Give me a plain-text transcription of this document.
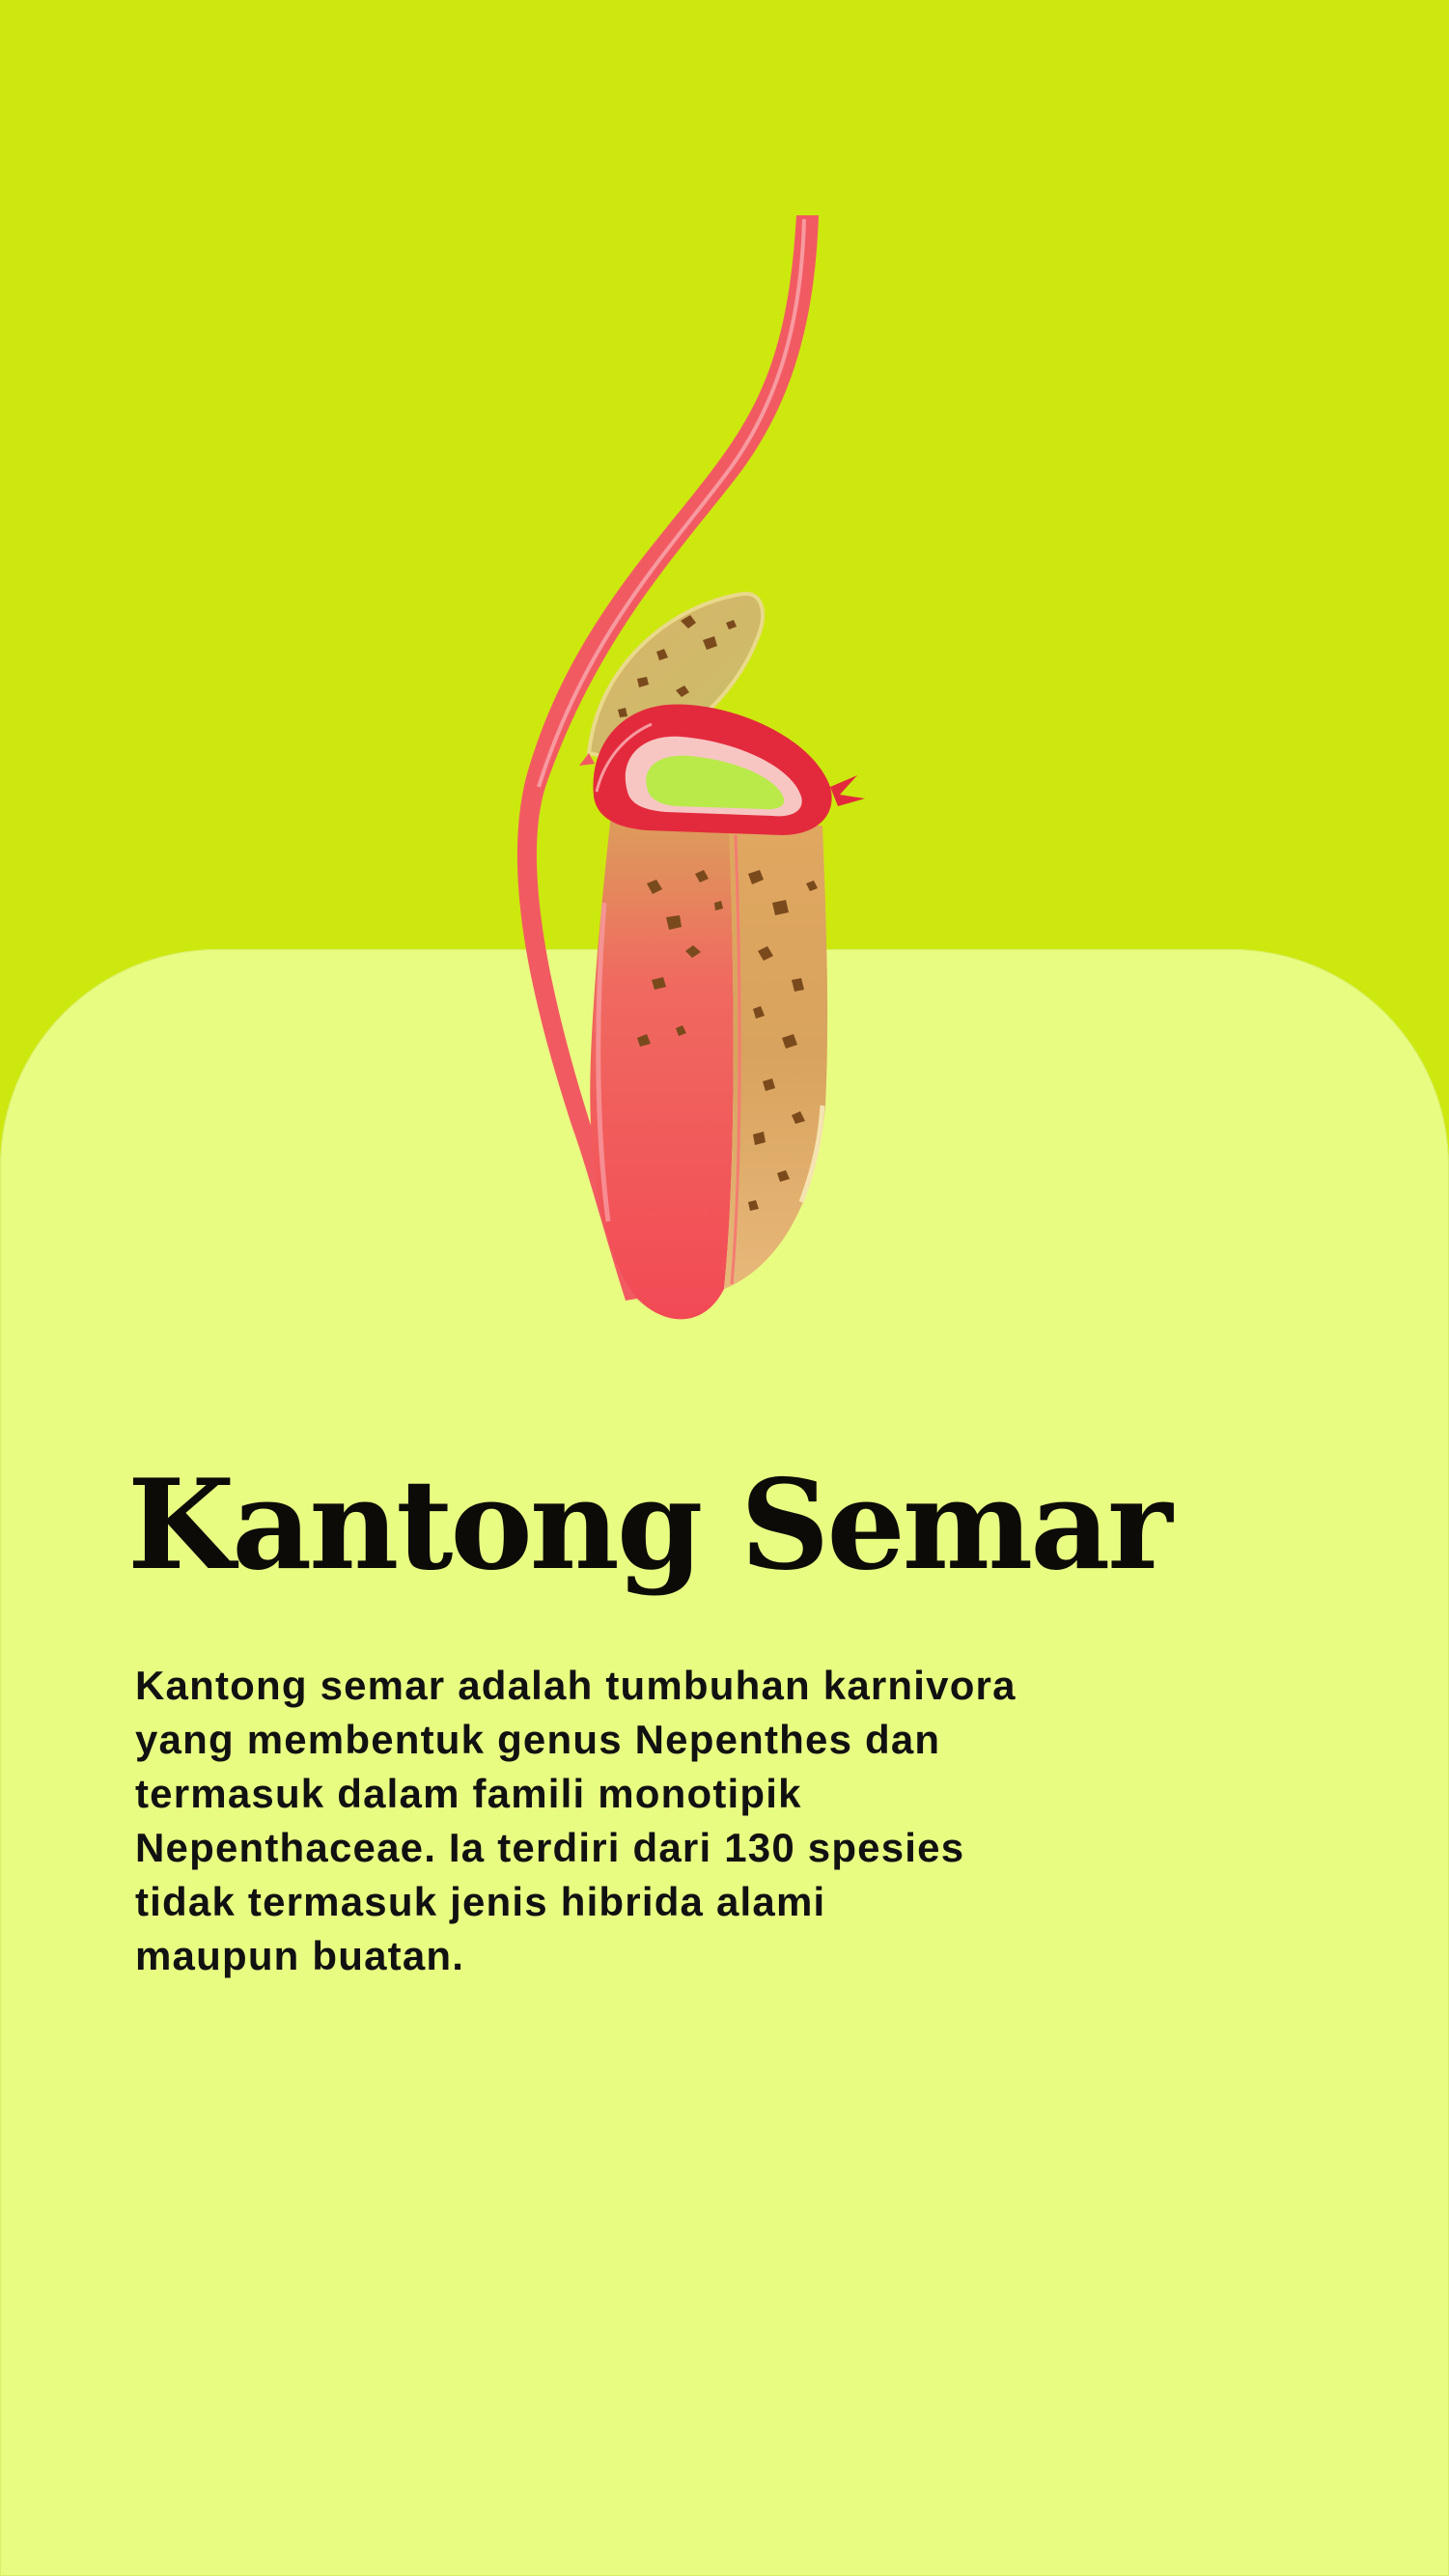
Kantong Semar

Kantong semar adalah tumbuhan karnivora
yang membentuk genus Nepenthes dan
termasuk dalam famili monotipik
Nepenthaceae. Ia terdiri dari 130 spesies
tidak termasuk jenis hibrida alami
maupun buatan.
